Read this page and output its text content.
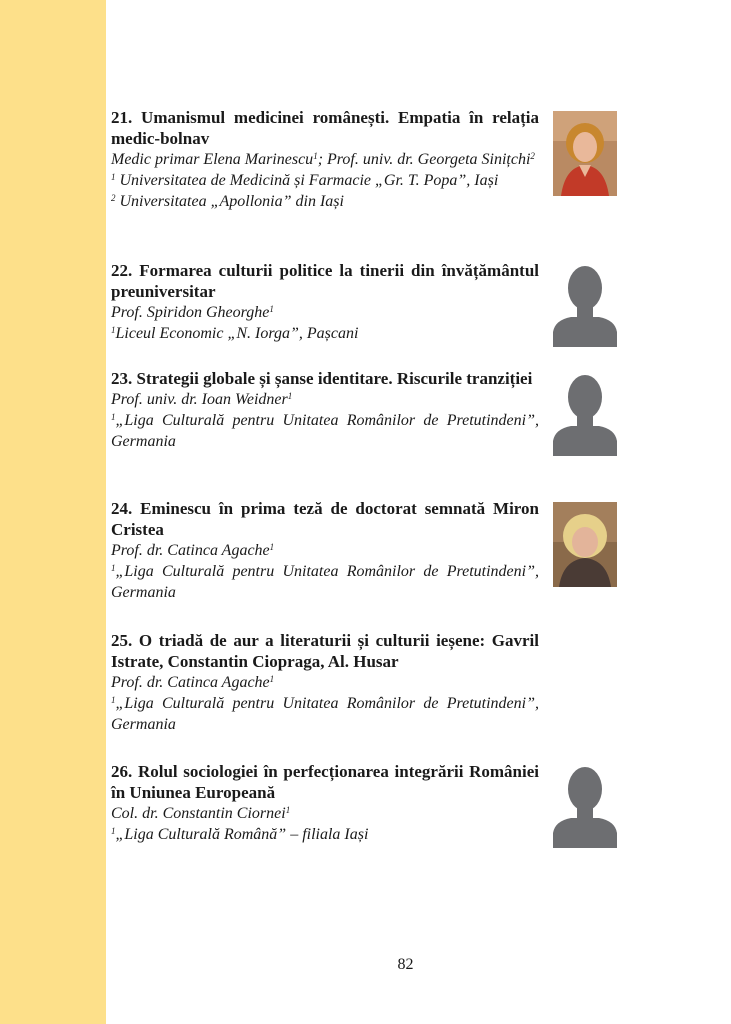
21. Umanismul medicinei românești. Empatia în relația medic-bolnav
Medic primar Elena Marinescu$^1$; Prof. univ. dr. Georgeta Sinițchi$^2$
$^1$ Universitatea de Medicină și Farmacie „Gr. T. Popa”, Iași
$^2$ Universitatea „Apollonia” din Iași
22. Formarea culturii politice la tinerii din învățământul preuniversitar
Prof. Spiridon Gheorghe$^1$
$^1$Liceul Economic „N. Iorga”, Pașcani
23. Strategii globale și șanse identitare. Riscurile tranziției
Prof. univ. dr. Ioan Weidner$^1$
$^1$„Liga Culturală pentru Unitatea Românilor de Pretutindeni”, Germania
24. Eminescu în prima teză de doctorat semnată Miron Cristea
Prof. dr. Catinca Agache$^1$
$^1$„Liga Culturală pentru Unitatea Românilor de Pretutindeni”, Germania
25. O triadă de aur a literaturii și culturii ieșene: Gavril Istrate, Constantin Ciopraga, Al. Husar
Prof. dr. Catinca Agache$^1$
$^1$„Liga Culturală pentru Unitatea Românilor de Pretutindeni”, Germania
26. Rolul sociologiei în perfecționarea integrării României în Uniunea Europeană
Col. dr. Constantin Ciornei$^1$
$^1$„Liga Culturală Română” – filiala Iași
82
